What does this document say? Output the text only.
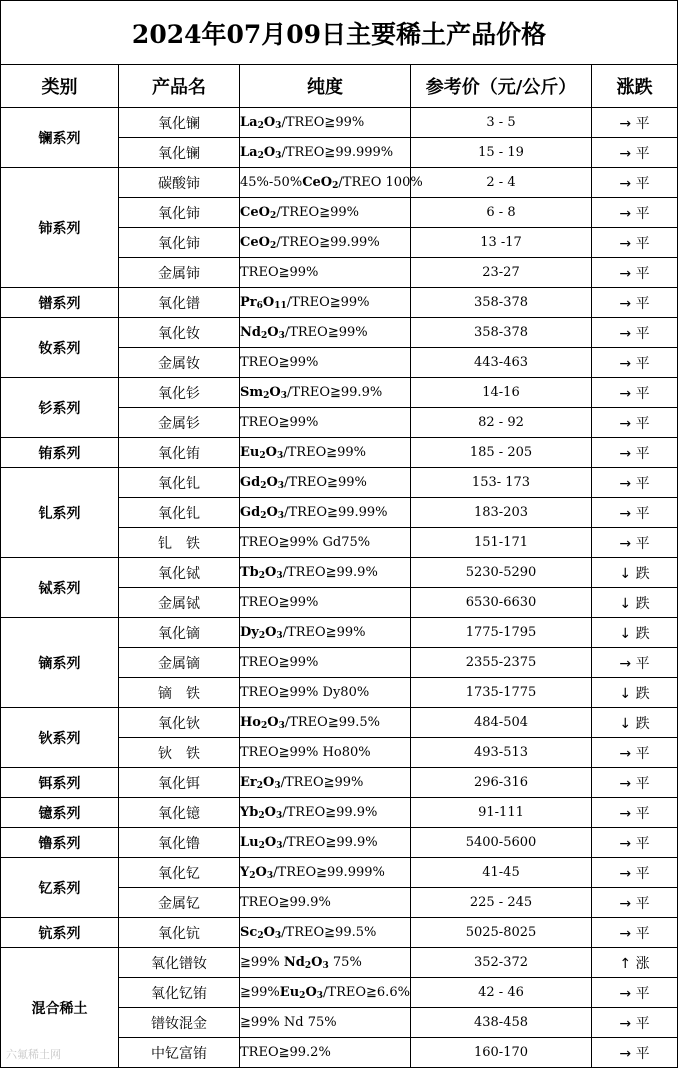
2024年07月09日主要稀土产品价格				
类别	产品名	纯度	参考价（元/公斤）	涨跌
镧系列	氧化镧	$La_2O_3/TREO≧99\%$	3 - 5	→ 平
	氧化镧	$La_2O_3/TREO≧99.999\%$	15 - 19	→ 平
铈系列	碳酸铈	45%-50%CeO$_2$/TREO 100%	2 - 4	→ 平
	氧化铈	CeO$_2$/TREO≧99%	6 - 8	→ 平
	氧化铈	CeO$_2$/TREO≧99.99%	13 -17	→ 平
	金属铈	TREO≧99%	23-27	→ 平
镨系列	氧化镨	$Pr_6O_{11}/TREO≧99\%$	358-378	→ 平
钕系列	氧化钕	$Nd_2O_3/TREO≧99\%$	358-378	→ 平
	金属钕	TREO≧99%	443-463	→ 平
钐系列	氧化钐	$Sm_2O_3/TREO≧99.9\%$	14-16	→ 平
	金属钐	TREO≧99%	82 - 92	→ 平
铕系列	氧化铕	$Eu_2O_3/TREO≧99\%$	185 - 205	→ 平
钆系列	氧化钆	$Gd_2O_3/TREO≧99\%$	153- 173	→ 平
	氧化钆	$Gd_2O_3/TREO≧99.99\%$	183-203	→ 平
	钆　铁	TREO≧99% Gd75%	151-171	→ 平
铽系列	氧化铽	$Tb_2O_3/TREO≧99.9\%$	5230-5290	↓ 跌
	金属铽	TREO≧99%	6530-6630	↓ 跌
镝系列	氧化镝	$Dy_2O_3/TREO≧99\%$	1775-1795	↓ 跌
	金属镝	TREO≧99%	2355-2375	→ 平
	镝　铁	TREO≧99% Dy80%	1735-1775	↓ 跌
钬系列	氧化钬	$Ho_2O_3/TREO≧99.5\%$	484-504	↓ 跌
	钬　铁	TREO≧99% Ho80%	493-513	→ 平
铒系列	氧化铒	$Er_2O_3/TREO≧99\%$	296-316	→ 平
镱系列	氧化镱	$Yb_2O_3/TREO≧99.9\%$	91-111	→ 平
镥系列	氧化镥	$Lu_2O_3/TREO≧99.9\%$	5400-5600	→ 平
钇系列	氧化钇	$Y_2O_3/TREO≧99.999\%$	41-45	→ 平
	金属钇	TREO≧99.9%	225 - 245	→ 平
钪系列	氧化钪	$Sc_2O_3/TREO≧99.5\%$	5025-8025	→ 平
混合稀土	氧化镨钕	≧99% $Nd_2O_3$ 75%	352-372	↑ 涨
	氧化钇铕	$≧99\%Eu_2O_3/TREO≧6.6\%$	42 - 46	→ 平
	镨钕混金	≧99% Nd 75%	438-458	→ 平
	中钇富铕	TREO≧99.2%	160-170	→ 平
六氟稀土网
